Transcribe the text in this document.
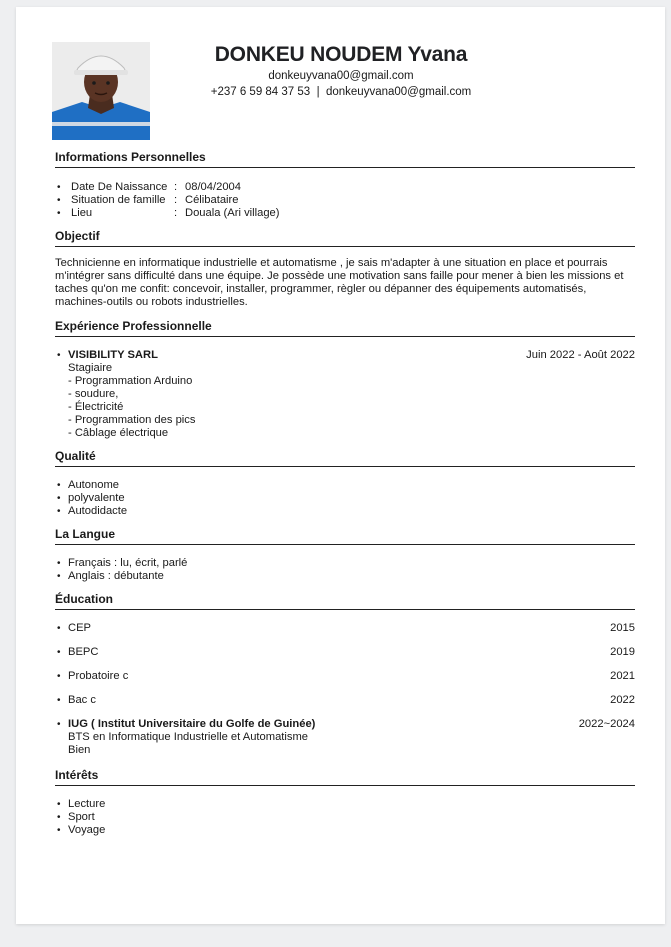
DONKEU NOUDEM Yvana
donkeuyvana00@gmail.com
+237 6 59 84 37 53 | donkeuyvana00@gmail.com
Informations Personnelles
• Date De Naissance : 08/04/2004
• Situation de famille : Célibataire
• Lieu	: Douala (Ari village)
Objectif
Technicienne en informatique industrielle et automatisme , je sais m'adapter à une situation en place et pourrais m'intégrer sans difficulté dans une équipe. Je possède une motivation sans faille pour mener à bien les missions et taches qu'on me confit: concevoir, installer, programmer, règler ou dépanner des équipements automatisés, machines-outils ou robots industrielles.
Expérience Professionnelle
• VISIBILITY SARL	Juin 2022 - Août 2022
Stagiaire
- Programmation Arduino
- soudure,
- Électricité
- Programmation des pics
- Câblage électrique
Qualité
• Autonome
• polyvalente
• Autodidacte
La Langue
• Français : lu, écrit, parlé
• Anglais : débutante
Éducation
• CEP	2015
• BEPC	2019
• Probatoire c	2021
• Bac c	2022
• IUG ( Institut Universitaire du Golfe de Guinée)	2022~2024
BTS en Informatique Industrielle et Automatisme
Bien
Intérêts
• Lecture
• Sport
• Voyage
